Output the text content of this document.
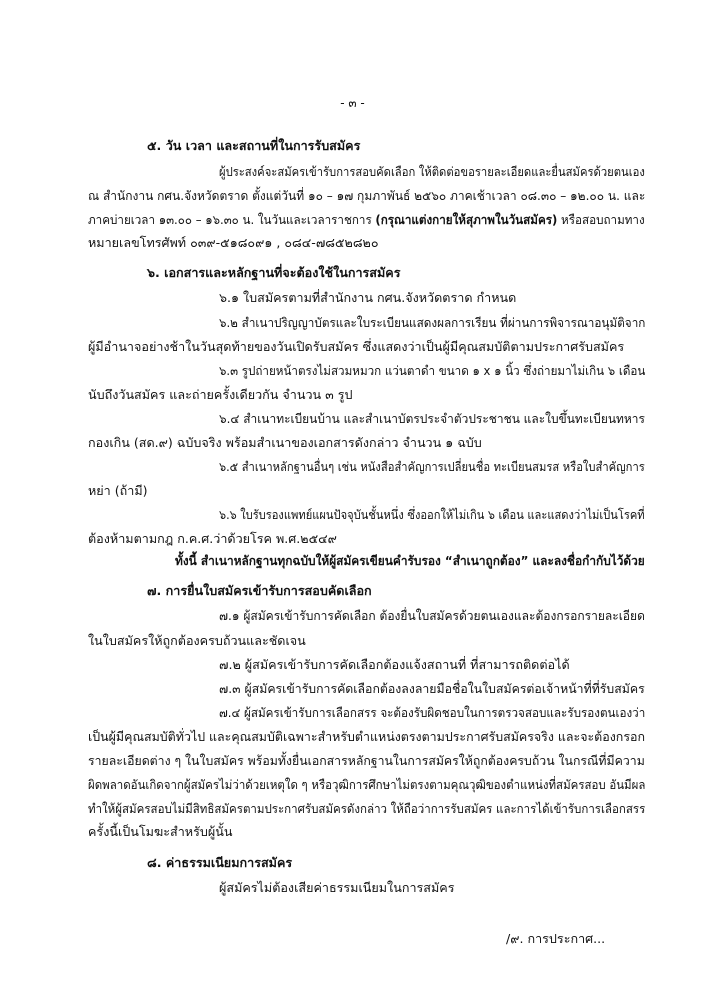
- ๓ -
๕. วัน เวลา และสถานที่ในการรับสมัคร
ผู้ประสงค์จะสมัครเข้ารับการสอบคัดเลือก ให้ติดต่อขอรายละเอียดและยื่นสมัครด้วยตนเอง
ณ สำนักงาน กศน.จังหวัดตราด ตั้งแต่วันที่ ๑๐ – ๑๗ กุมภาพันธ์ ๒๕๖๐ ภาคเช้าเวลา ๐๘.๓๐ – ๑๒.๐๐ น. และ
ภาคบ่ายเวลา ๑๓.๐๐ – ๑๖.๓๐ น. ในวันและเวลาราชการ (กรุณาแต่งกายให้สุภาพในวันสมัคร) หรือสอบถามทาง
หมายเลขโทรศัพท์ ๐๓๙-๕๑๘๐๙๑ , ๐๘๔-๗๘๕๒๘๒๐
๖. เอกสารและหลักฐานที่จะต้องใช้ในการสมัคร
๖.๑ ใบสมัครตามที่สำนักงาน กศน.จังหวัดตราด กำหนด
๖.๒ สำเนาปริญญาบัตรและใบระเบียนแสดงผลการเรียน ที่ผ่านการพิจารณาอนุมัติจาก
ผู้มีอำนาจอย่างช้าในวันสุดท้ายของวันเปิดรับสมัคร ซึ่งแสดงว่าเป็นผู้มีคุณสมบัติตามประกาศรับสมัคร
๖.๓ รูปถ่ายหน้าตรงไม่สวมหมวก แว่นตาดำ ขนาด ๑ x ๑ นิ้ว ซึ่งถ่ายมาไม่เกิน ๖ เดือน
นับถึงวันสมัคร และถ่ายครั้งเดียวกัน จำนวน ๓ รูป
๖.๔ สำเนาทะเบียนบ้าน และสำเนาบัตรประจำตัวประชาชน และใบขึ้นทะเบียนทหาร
กองเกิน (สด.๙) ฉบับจริง พร้อมสำเนาของเอกสารดังกล่าว จำนวน ๑ ฉบับ
๖.๕ สำเนาหลักฐานอื่นๆ เช่น หนังสือสำคัญการเปลี่ยนชื่อ ทะเบียนสมรส หรือใบสำคัญการ
หย่า (ถ้ามี)
๖.๖ ใบรับรองแพทย์แผนปัจจุบันชั้นหนึ่ง ซึ่งออกให้ไม่เกิน ๖ เดือน และแสดงว่าไม่เป็นโรคที่
ต้องห้ามตามกฎ ก.ค.ศ.ว่าด้วยโรค พ.ศ.๒๕๔๙
ทั้งนี้ สำเนาหลักฐานทุกฉบับให้ผู้สมัครเขียนคำรับรอง “สำเนาถูกต้อง” และลงชื่อกำกับไว้ด้วย
๗. การยื่นใบสมัครเข้ารับการสอบคัดเลือก
๗.๑ ผู้สมัครเข้ารับการคัดเลือก ต้องยื่นใบสมัครด้วยตนเองและต้องกรอกรายละเอียด
ในใบสมัครให้ถูกต้องครบถ้วนและชัดเจน
๗.๒ ผู้สมัครเข้ารับการคัดเลือกต้องแจ้งสถานที่ ที่สามารถติดต่อได้
๗.๓ ผู้สมัครเข้ารับการคัดเลือกต้องลงลายมือชื่อในใบสมัครต่อเจ้าหน้าที่ที่รับสมัคร
๗.๔ ผู้สมัครเข้ารับการเลือกสรร จะต้องรับผิดชอบในการตรวจสอบและรับรองตนเองว่า
เป็นผู้มีคุณสมบัติทั่วไป และคุณสมบัติเฉพาะสำหรับตำแหน่งตรงตามประกาศรับสมัครจริง และจะต้องกรอก
รายละเอียดต่าง ๆ ในใบสมัคร พร้อมทั้งยื่นเอกสารหลักฐานในการสมัครให้ถูกต้องครบถ้วน ในกรณีที่มีความ
ผิดพลาดอันเกิดจากผู้สมัครไม่ว่าด้วยเหตุใด ๆ หรือวุฒิการศึกษาไม่ตรงตามคุณวุฒิของตำแหน่งที่สมัครสอบ อันมีผล
ทำให้ผู้สมัครสอบไม่มีสิทธิสมัครตามประกาศรับสมัครดังกล่าว ให้ถือว่าการรับสมัคร และการได้เข้ารับการเลือกสรร
ครั้งนี้เป็นโมฆะสำหรับผู้นั้น
๘. ค่าธรรมเนียมการสมัคร
ผู้สมัครไม่ต้องเสียค่าธรรมเนียมในการสมัคร
/๙. การประกาศ...
